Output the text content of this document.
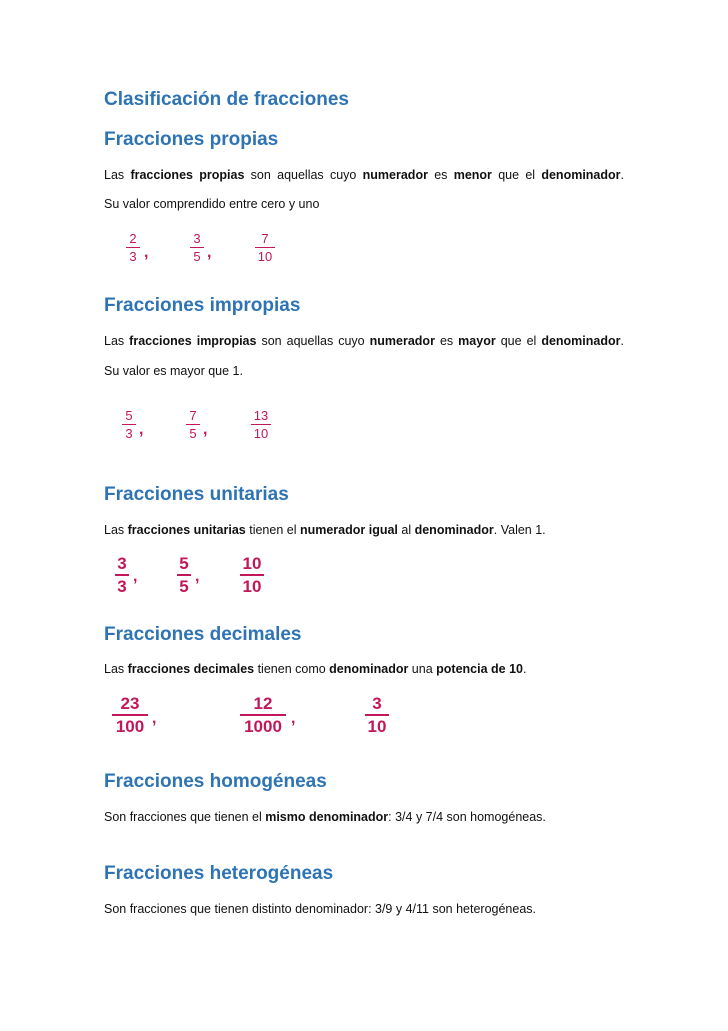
Clasificación de fracciones
Fracciones propias

Las fracciones propias son aquellas cuyo numerador es menor que el denominador.

Su valor comprendido entre cero y uno

2
3 ,
3
5 ,
7
10
Fracciones impropias

Las fracciones impropias son aquellas cuyo numerador es mayor que el denominador.

Su valor es mayor que 1.

5
3 ,
7
5 ,
13
10
Fracciones unitarias

Las fracciones unitarias tienen el numerador igual al denominador. Valen 1.

3
3
,
5
5
,
10
10
Fracciones decimales

Las fracciones decimales tienen como denominador una potencia de 10.

23
100 ,
12
1000 ,
3
10
Fracciones homogéneas

Son fracciones que tienen el mismo denominador: 3/4 y 7/4 son homogéneas.

Fracciones heterogéneas

Son fracciones que tienen distinto denominador: 3/9 y 4/11 son heterogéneas.
